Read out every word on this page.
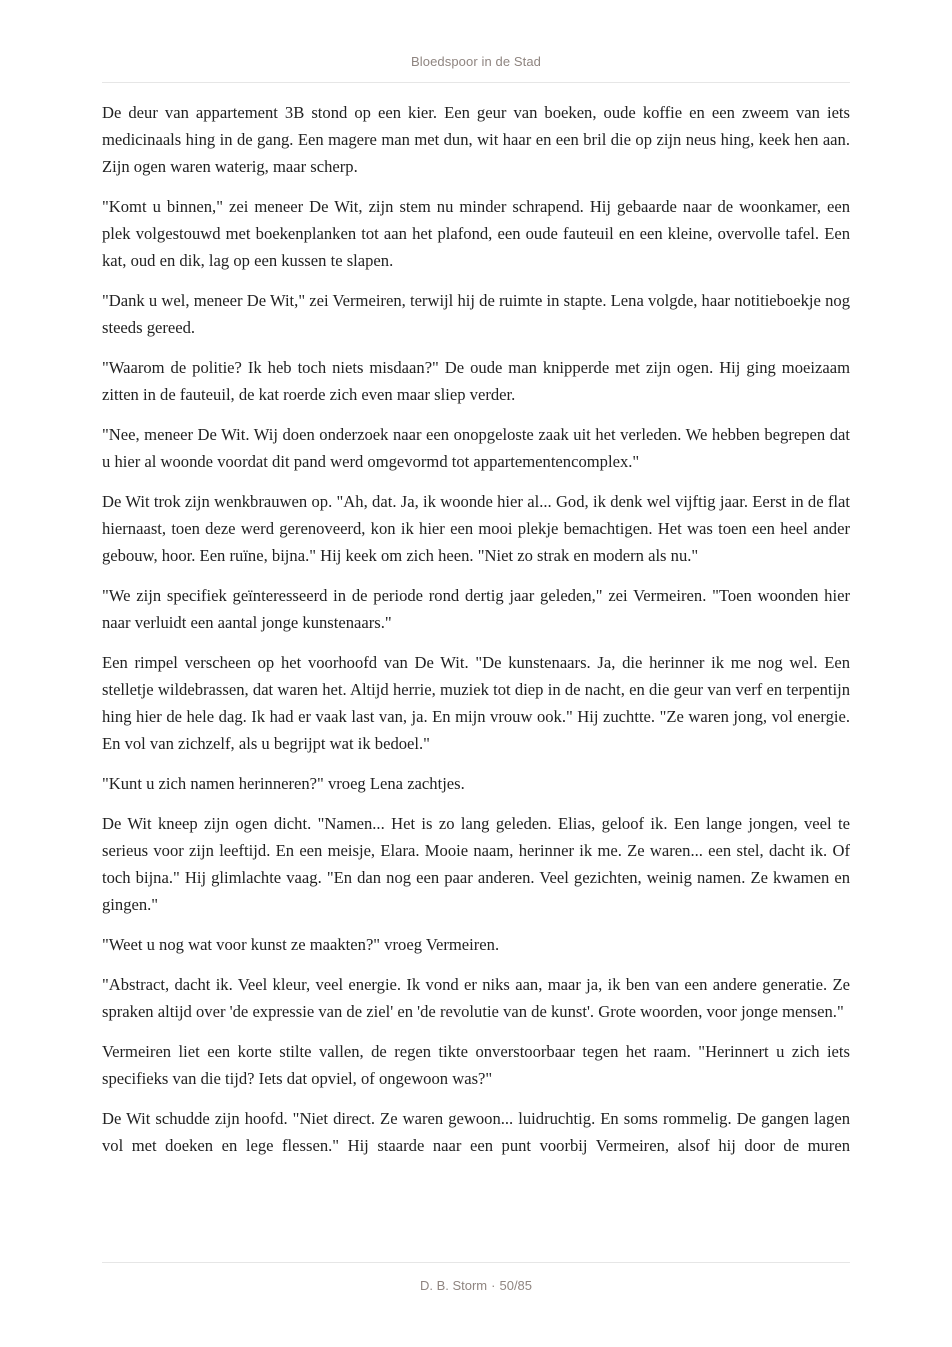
Bloedspoor in de Stad

De deur van appartement 3B stond op een kier. Een geur van boeken, oude koffie en een zweem van iets medicinaals hing in de gang. Een magere man met dun, wit haar en een bril die op zijn neus hing, keek hen aan. Zijn ogen waren waterig, maar scherp.

"Komt u binnen," zei meneer De Wit, zijn stem nu minder schrapend. Hij gebaarde naar de woonkamer, een plek volgestouwd met boekenplanken tot aan het plafond, een oude fauteuil en een kleine, overvolle tafel. Een kat, oud en dik, lag op een kussen te slapen.

"Dank u wel, meneer De Wit," zei Vermeiren, terwijl hij de ruimte in stapte. Lena volgde, haar notitieboekje nog steeds gereed.

"Waarom de politie? Ik heb toch niets misdaan?" De oude man knipperde met zijn ogen. Hij ging moeizaam zitten in de fauteuil, de kat roerde zich even maar sliep verder.

"Nee, meneer De Wit. Wij doen onderzoek naar een onopgeloste zaak uit het verleden. We hebben begrepen dat u hier al woonde voordat dit pand werd omgevormd tot appartementencomplex."

De Wit trok zijn wenkbrauwen op. "Ah, dat. Ja, ik woonde hier al... God, ik denk wel vijftig jaar. Eerst in de flat hiernaast, toen deze werd gerenoveerd, kon ik hier een mooi plekje bemachtigen. Het was toen een heel ander gebouw, hoor. Een ruïne, bijna." Hij keek om zich heen. "Niet zo strak en modern als nu."

"We zijn specifiek geïnteresseerd in de periode rond dertig jaar geleden," zei Vermeiren. "Toen woonden hier naar verluidt een aantal jonge kunstenaars."

Een rimpel verscheen op het voorhoofd van De Wit. "De kunstenaars. Ja, die herinner ik me nog wel. Een stelletje wildebrassen, dat waren het. Altijd herrie, muziek tot diep in de nacht, en die geur van verf en terpentijn hing hier de hele dag. Ik had er vaak last van, ja. En mijn vrouw ook." Hij zuchtte. "Ze waren jong, vol energie. En vol van zichzelf, als u begrijpt wat ik bedoel."

"Kunt u zich namen herinneren?" vroeg Lena zachtjes.

De Wit kneep zijn ogen dicht. "Namen... Het is zo lang geleden. Elias, geloof ik. Een lange jongen, veel te serieus voor zijn leeftijd. En een meisje, Elara. Mooie naam, herinner ik me. Ze waren... een stel, dacht ik. Of toch bijna." Hij glimlachte vaag. "En dan nog een paar anderen. Veel gezichten, weinig namen. Ze kwamen en gingen."

"Weet u nog wat voor kunst ze maakten?" vroeg Vermeiren.

"Abstract, dacht ik. Veel kleur, veel energie. Ik vond er niks aan, maar ja, ik ben van een andere generatie. Ze spraken altijd over 'de expressie van de ziel' en 'de revolutie van de kunst'. Grote woorden, voor jonge mensen."

Vermeiren liet een korte stilte vallen, de regen tikte onverstoorbaar tegen het raam. "Herinnert u zich iets specifieks van die tijd? Iets dat opviel, of ongewoon was?"

De Wit schudde zijn hoofd. "Niet direct. Ze waren gewoon... luidruchtig. En soms rommelig. De gangen lagen vol met doeken en lege flessen." Hij staarde naar een punt voorbij Vermeiren, alsof hij door de muren

D. B. Storm · 50/85
